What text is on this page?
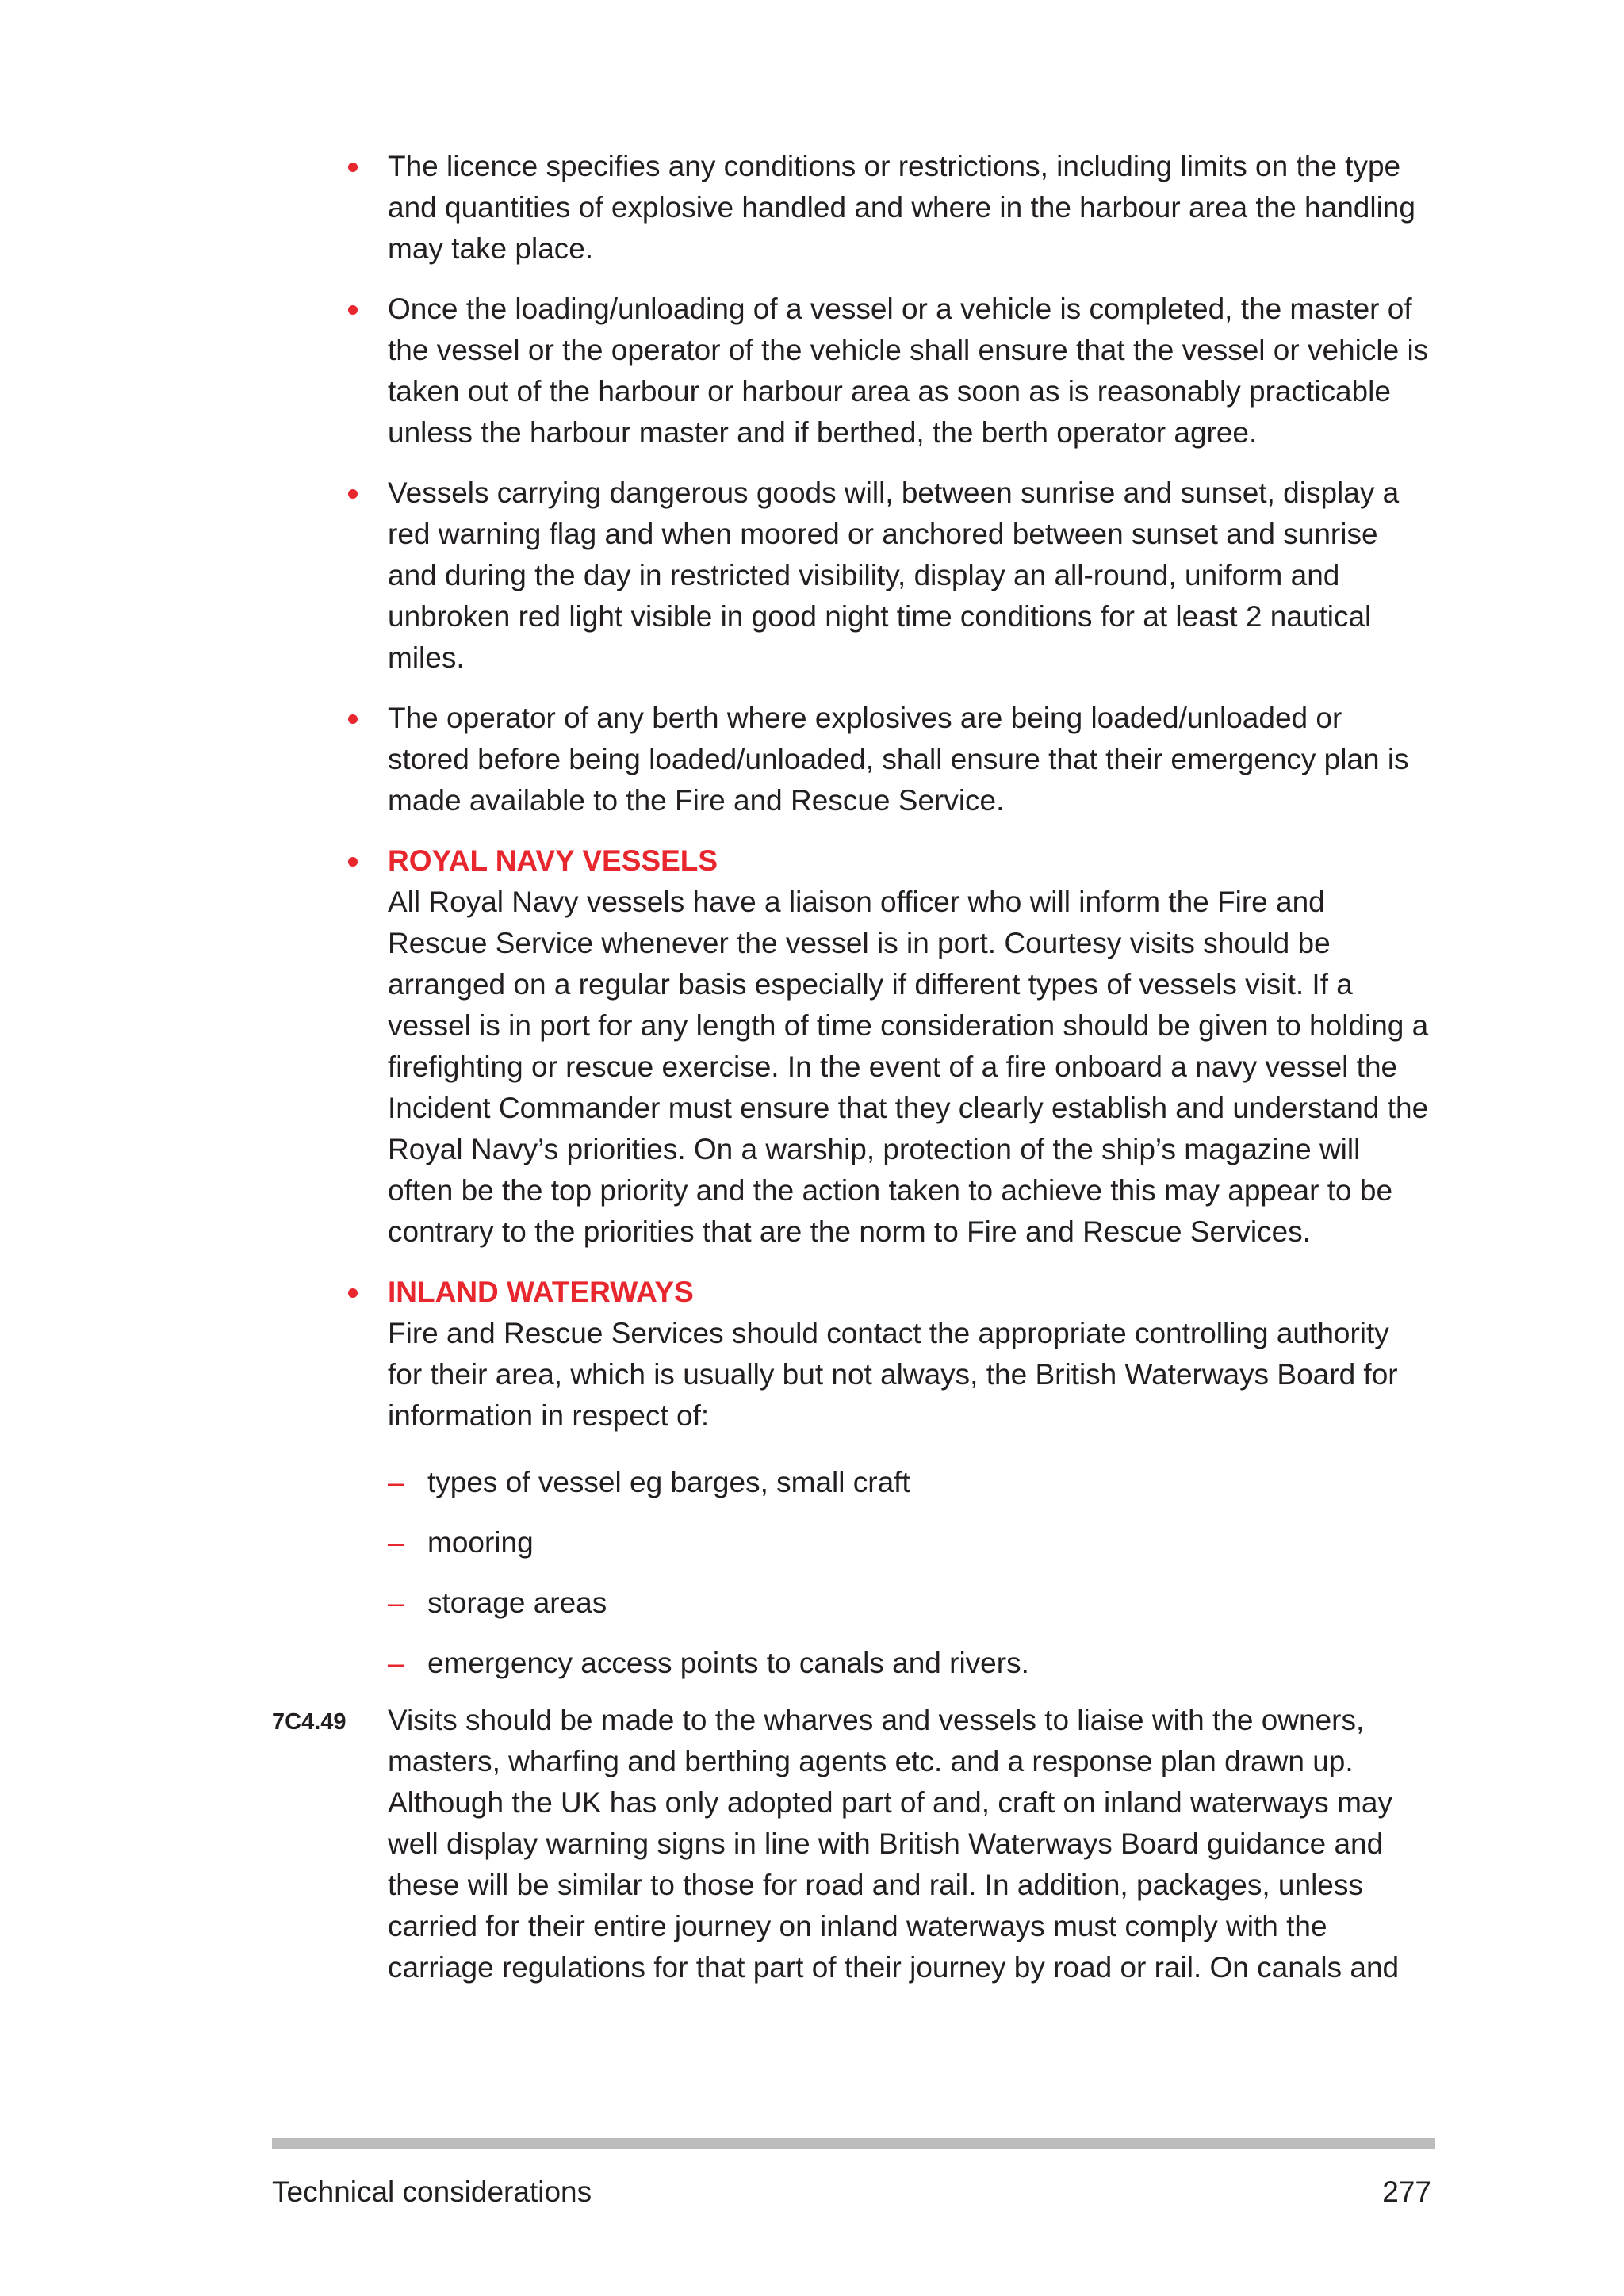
The licence specifies any conditions or restrictions, including limits on the type and quantities of explosive handled and where in the harbour area the handling may take place.
Once the loading/unloading of a vessel or a vehicle is completed, the master of the vessel or the operator of the vehicle shall ensure that the vessel or vehicle is taken out of the harbour or harbour area as soon as is reasonably practicable unless the harbour master and if berthed, the berth operator agree.
Vessels carrying dangerous goods will, between sunrise and sunset, display a red warning flag and when moored or anchored between sunset and sunrise and during the day in restricted visibility, display an all-round, uniform and unbroken red light visible in good night time conditions for at least 2 nautical miles.
The operator of any berth where explosives are being loaded/unloaded or stored before being loaded/unloaded, shall ensure that their emergency plan is made available to the Fire and Rescue Service.
ROYAL NAVY VESSELS
All Royal Navy vessels have a liaison officer who will inform the Fire and Rescue Service whenever the vessel is in port. Courtesy visits should be arranged on a regular basis especially if different types of vessels visit. If a vessel is in port for any length of time consideration should be given to holding a firefighting or rescue exercise. In the event of a fire onboard a navy vessel the Incident Commander must ensure that they clearly establish and understand the Royal Navy’s priorities. On a warship, protection of the ship’s magazine will often be the top priority and the action taken to achieve this may appear to be contrary to the priorities that are the norm to Fire and Rescue Services.
INLAND WATERWAYS
Fire and Rescue Services should contact the appropriate controlling authority for their area, which is usually but not always, the British Waterways Board for information in respect of:
– types of vessel eg barges, small craft
– mooring
– storage areas
– emergency access points to canals and rivers.
7C4.49 Visits should be made to the wharves and vessels to liaise with the owners, masters, wharfing and berthing agents etc. and a response plan drawn up. Although the UK has only adopted part of and, craft on inland waterways may well display warning signs in line with British Waterways Board guidance and these will be similar to those for road and rail. In addition, packages, unless carried for their entire journey on inland waterways must comply with the carriage regulations for that part of their journey by road or rail. On canals and
Technical considerations	277
